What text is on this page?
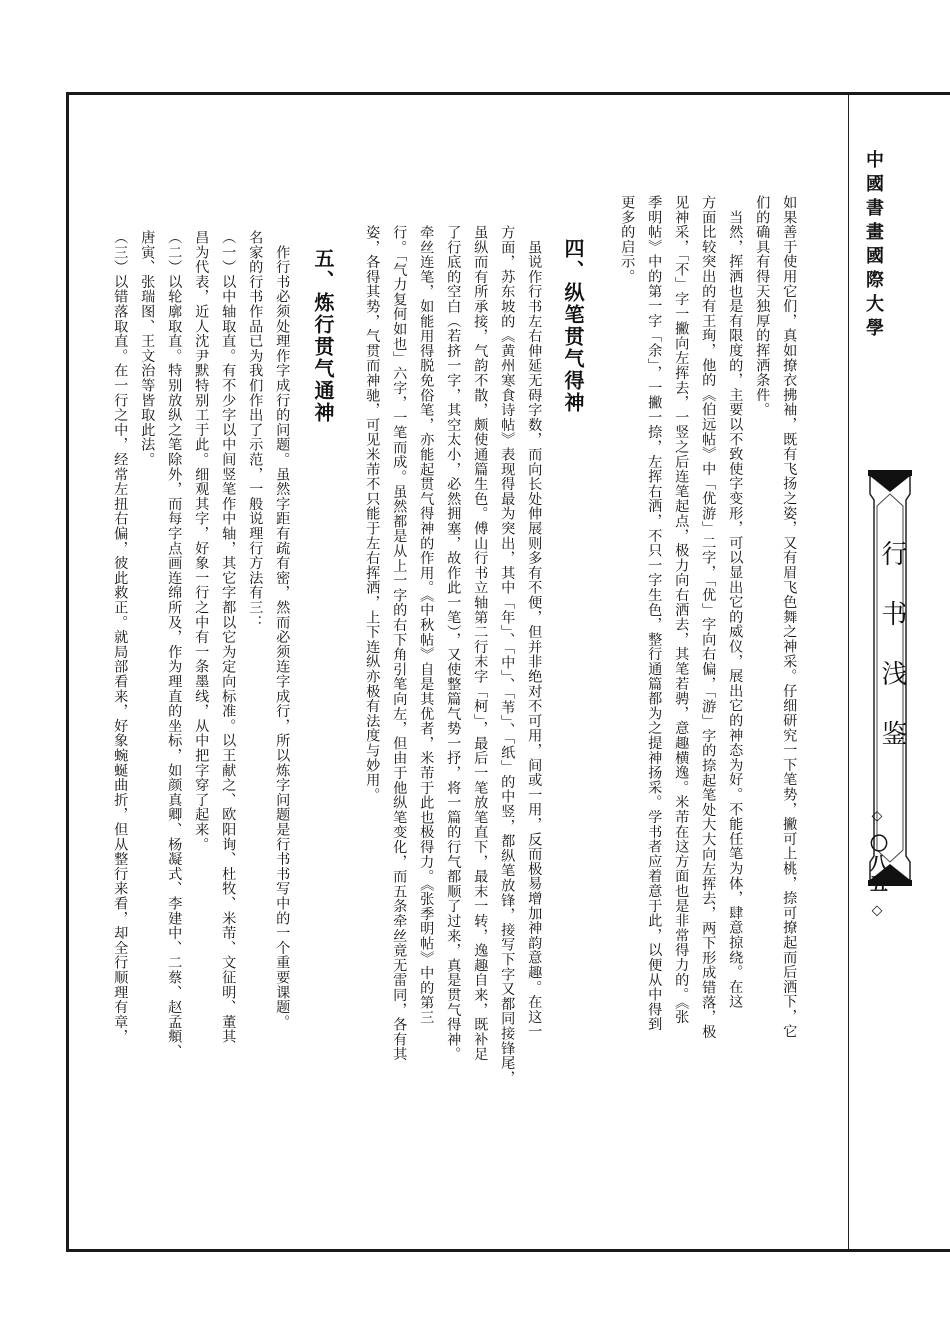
中國書畫國際大學
行书浅鉴
◇ 〇八五 ◇
如果善于使用它们，真如撩衣拂袖，既有飞扬之姿，又有眉飞色舞之神采。仔细研究一下笔势，撇可上桃，捺可撩起而后洒下，它
们的确具有得天独厚的挥洒条件。
　当然，挥洒也是有限度的，主要以不致使字变形，可以显出它的威仪，展出它的神态为好。不能任笔为体，肆意掠绕。在这
方面比较突出的有王珣，他的《伯远帖》中「优游」二字，「优」字向右偏，「游」字的捺起笔处大大向左挥去，两下形成错落，极
见神采，「不」字一撇向左挥去，一竖之后连笔起点，极力向右洒去，其笔若骋，意趣横逸。米芾在这方面也是非常得力的。《张
季明帖》中的第一字「余」，一撇一捺，左挥右洒，不只一字生色，整行通篇都为之提神扬采。学书者应着意于此，以便从中得到
更多的启示。
四、纵笔贯气得神
　虽说作行书左右伸延无碍字数，而向长处伸展则多有不便，但并非绝对不可用，间或一用，反而极易增加神韵意趣。在这一
方面，苏东坡的《黄州寒食诗帖》表现得最为突出，其中「年」、「中」、「苇」、「纸」的中竖，都纵笔放锋，接写下字又都同接锋尾，
虽纵而有所承接，气韵不散，颇使通篇生色。傅山行书立轴第二行末字「柯」，最后一笔放笔直下，最末一转，逸趣自来，既补足
了行底的空白（若挤一字，其空太小，必然拥塞，故作此一笔），又使整篇气势一抒，将一篇的行气都顺了过来，真是贯气得神。
牵丝连笔，如能用得脱免俗笔，亦能起贯气得神的作用。《中秋帖》自是其优者，米芾于此也极得力。《张季明帖》中的第三
行。「气力复何如也」六字，一笔而成。虽然都是从上一字的右下角引笔向左，但由于他纵笔变化，而五条牵丝竟无雷同，各有其
姿，各得其势，气贯而神驰，可见米芾不只能于左右挥洒，上下连纵亦极有法度与妙用。
五、炼行贯气通神
　作行书必须处理作字成行的问题。虽然字距有疏有密，然而必须连字成行，所以炼字问题是行书书写中的一个重要课题。
名家的行书作品已为我们作出了示范，一般说理行方法有三：
（一）以中轴取直。有不少字以中间竖笔作中轴，其它字都以它为定向标准。以王献之、欧阳询、杜牧、米芾、文征明、董其
昌为代表，近人沈尹默特别工于此。细观其字，好象一行之中有一条墨线，从中把字穿了起来。
（二）以轮廓取直。特别放纵之笔除外，而每字点画连绵所及，作为理直的坐标，如颜真卿、杨凝式、李建中、二蔡、赵孟頫、
唐寅、张瑞图、王文治等皆取此法。
（三）以错落取直。在一行之中，经常左扭右偏，彼此救正。就局部看来，好象蜿蜒曲折，但从整行来看，却全行顺理有章，
